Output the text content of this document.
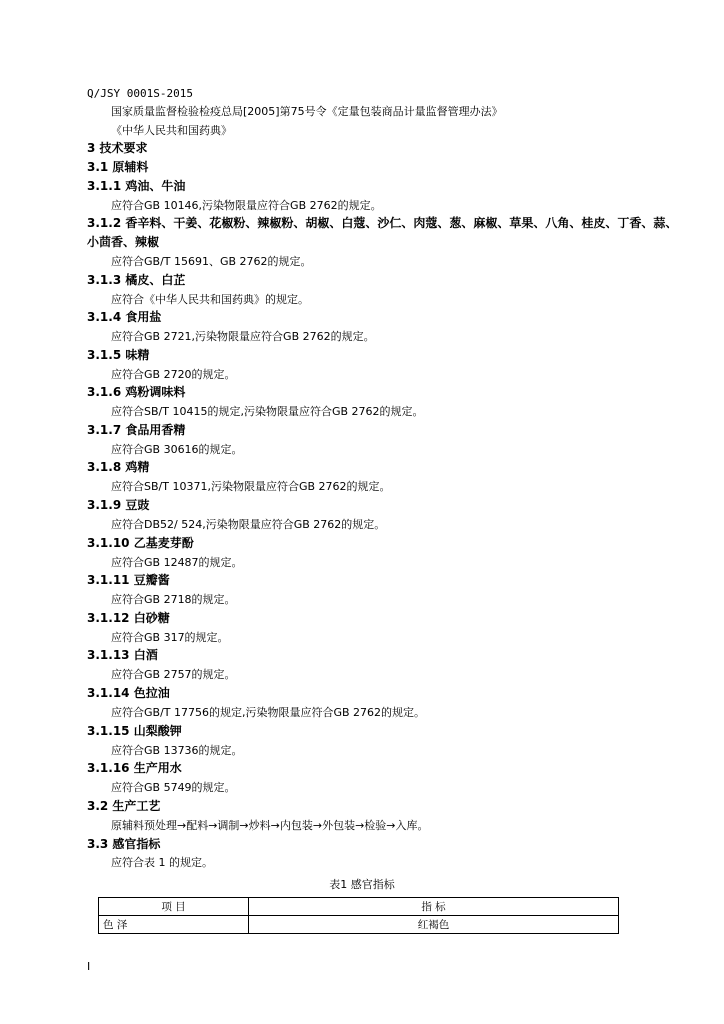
Q/JSY 0001S-2015
国家质量监督检验检疫总局[2005]第75号令《定量包装商品计量监督管理办法》
《中华人民共和国药典》
3 技术要求
3.1 原辅料
3.1.1 鸡油、牛油
应符合GB 10146,污染物限量应符合GB 2762的规定。
3.1.2 香辛料、干姜、花椒粉、辣椒粉、胡椒、白蔻、沙仁、肉蔻、葱、麻椒、草果、八角、桂皮、丁香、蒜、
小茴香、辣椒
应符合GB/T 15691、GB 2762的规定。
3.1.3 橘皮、白芷
应符合《中华人民共和国药典》的规定。
3.1.4 食用盐
应符合GB 2721,污染物限量应符合GB 2762的规定。
3.1.5 味精
应符合GB 2720的规定。
3.1.6 鸡粉调味料
应符合SB/T 10415的规定,污染物限量应符合GB 2762的规定。
3.1.7 食品用香精
应符合GB 30616的规定。
3.1.8 鸡精
应符合SB/T 10371,污染物限量应符合GB 2762的规定。
3.1.9 豆豉
应符合DB52/ 524,污染物限量应符合GB 2762的规定。
3.1.10 乙基麦芽酚
应符合GB 12487的规定。
3.1.11 豆瓣酱
应符合GB 2718的规定。
3.1.12 白砂糖
应符合GB 317的规定。
3.1.13 白酒
应符合GB 2757的规定。
3.1.14 色拉油
应符合GB/T 17756的规定,污染物限量应符合GB 2762的规定。
3.1.15 山梨酸钾
应符合GB 13736的规定。
3.1.16 生产用水
应符合GB 5749的规定。
3.2 生产工艺
原辅料预处理→配料→调制→炒料→内包装→外包装→检验→入库。
3.3 感官指标
应符合表 1 的规定。
表1 感官指标
项 目	指 标
色 泽	红褐色
I
